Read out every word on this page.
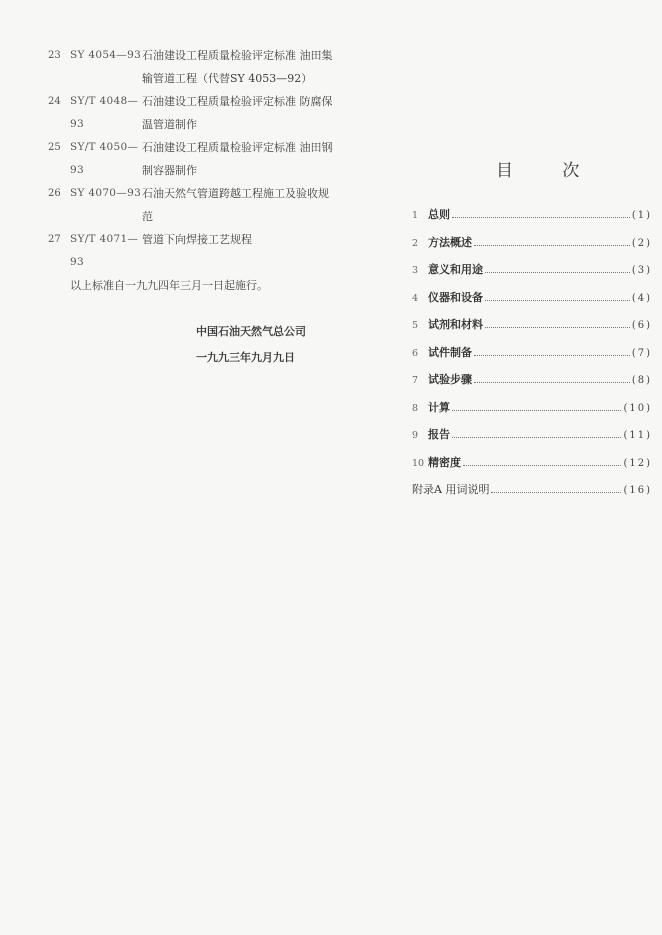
23 SY 4054—93 石油建设工程质量检验评定标准 油田集
输管道工程（代替SY 4053—92）
24 SY/T 4048—93
石油建设工程质量检验评定标准 防腐保
温管道制作
25 SY/T 4050—93
石油建设工程质量检验评定标准 油田钢
制容器制作
26 SY 4070—93 石油天然气管道跨越工程施工及验收规范
27 SY/T 4071—93
管道下向焊接工艺规程
以上标准自一九九四年三月一日起施行。
中国石油天然气总公司
一九九三年九月九日
目 次
1 总则	(1)
2 方法概述	(2)
3 意义和用途	(3)
4 仪器和设备	(4)
5 试剂和材料	(6)
6 试件制备	(7)
7 试验步骤	(8)
8 计算	(10)
9 报告	(11)
10 精密度	(12)
附录A 用词说明	(16)
